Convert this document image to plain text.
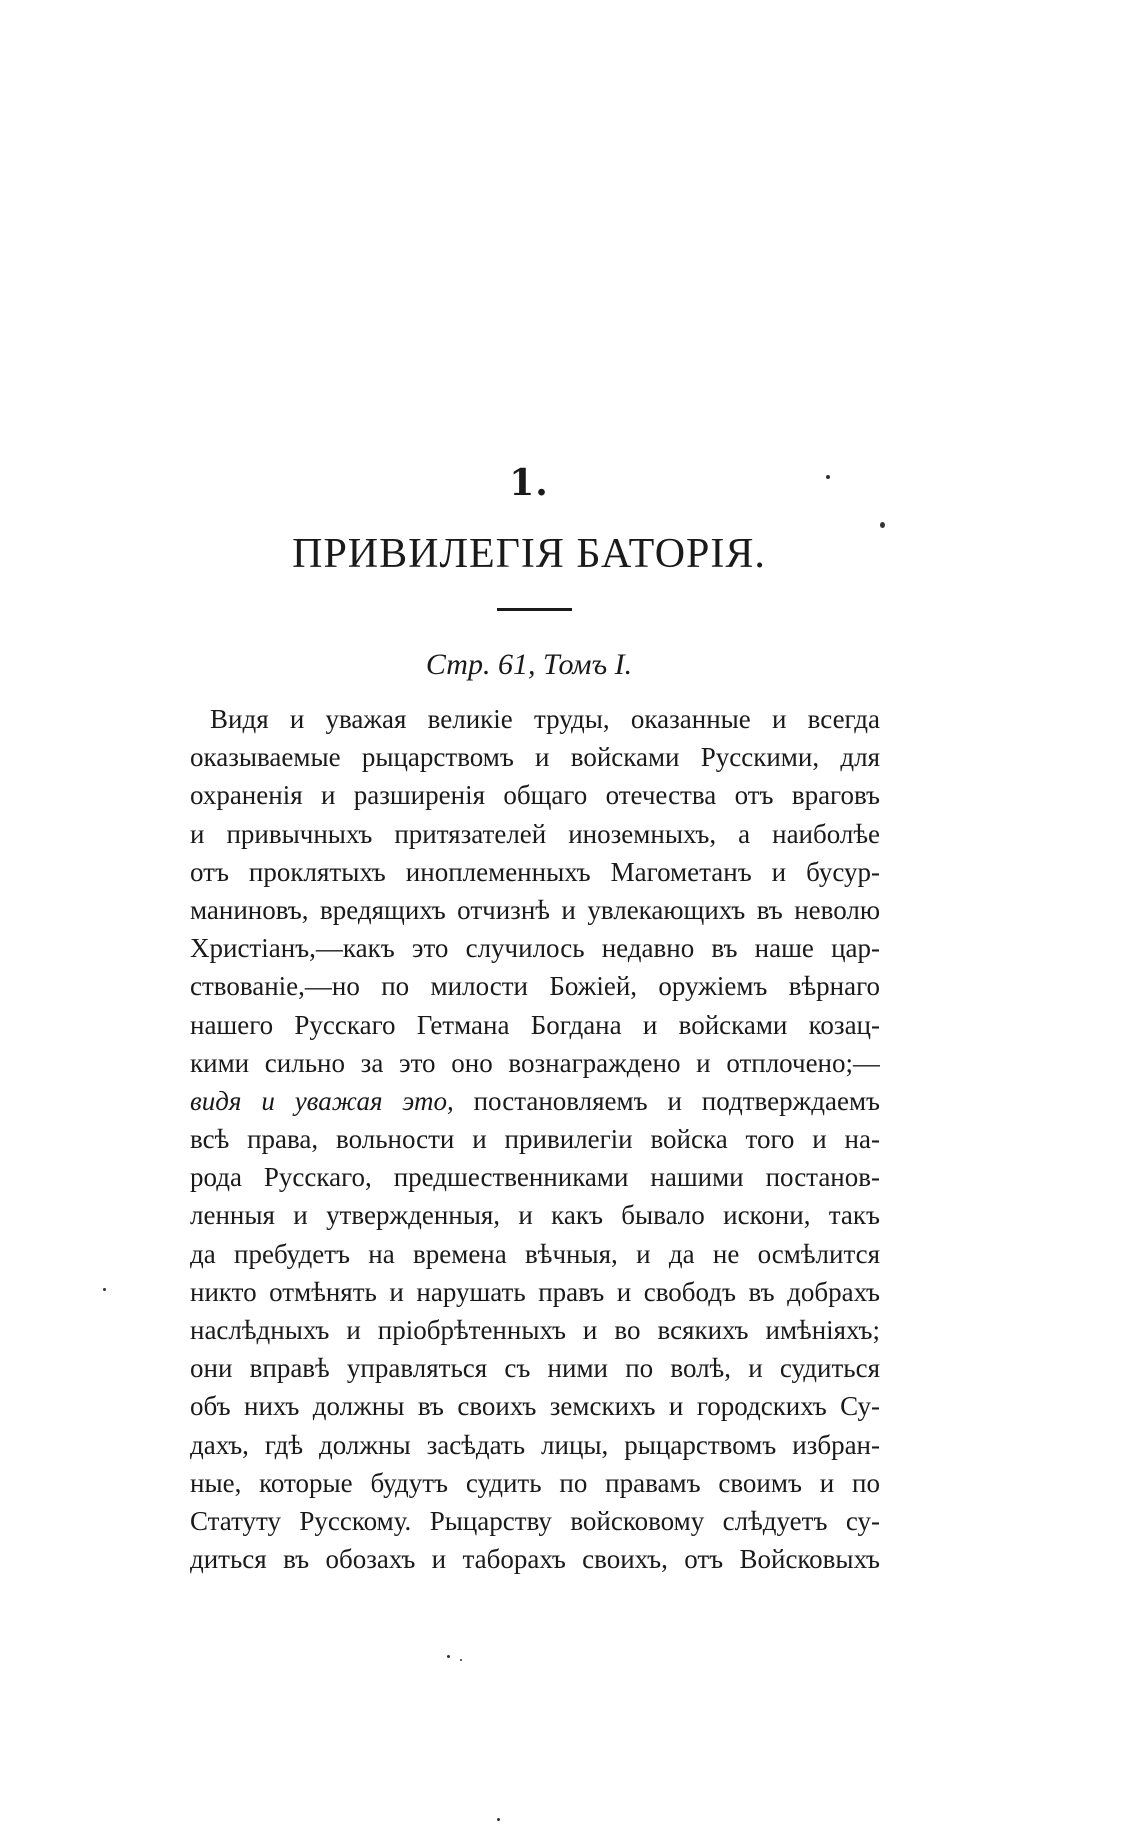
1.
ПРИВИЛЕГІЯ БАТОРІЯ.
Стр. 61, Томъ I.
Видя и уважая великіе труды, оказанные и всегда
оказываемые рыцарствомъ и войсками Русскими, для
охраненія и разширенія общаго отечества отъ враговъ
и привычныхъ притязателей иноземныхъ, а наиболѣе
отъ проклятыхъ иноплеменныхъ Магометанъ и бусур-
маниновъ, вредящихъ отчизнѣ и увлекающихъ въ неволю
Христіанъ,—какъ это случилось недавно въ наше цар-
ствованіе,—но по милости Божіей, оружіемъ вѣрнаго
нашего Русскаго Гетмана Богдана и войсками козац-
кими сильно за это оно вознаграждено и отплочено;—
видя и уважая это, постановляемъ и подтверждаемъ
всѣ права, вольности и привилегіи войска того и на-
рода Русскаго, предшественниками нашими постанов-
ленныя и утвержденныя, и какъ бывало искони, такъ
да пребудетъ на времена вѣчныя, и да не осмѣлится
никто отмѣнять и нарушать правъ и свободъ въ добрахъ
наслѣдныхъ и пріобрѣтенныхъ и во всякихъ имѣніяхъ;
они вправѣ управляться съ ними по волѣ, и судиться
объ нихъ должны въ своихъ земскихъ и городскихъ Су-
дахъ, гдѣ должны засѣдать лицы, рыцарствомъ избран-
ные, которые будутъ судить по правамъ своимъ и по
Статуту Русскому. Рыцарству войсковому слѣдуетъ су-
диться въ обозахъ и таборахъ своихъ, отъ Войсковыхъ
